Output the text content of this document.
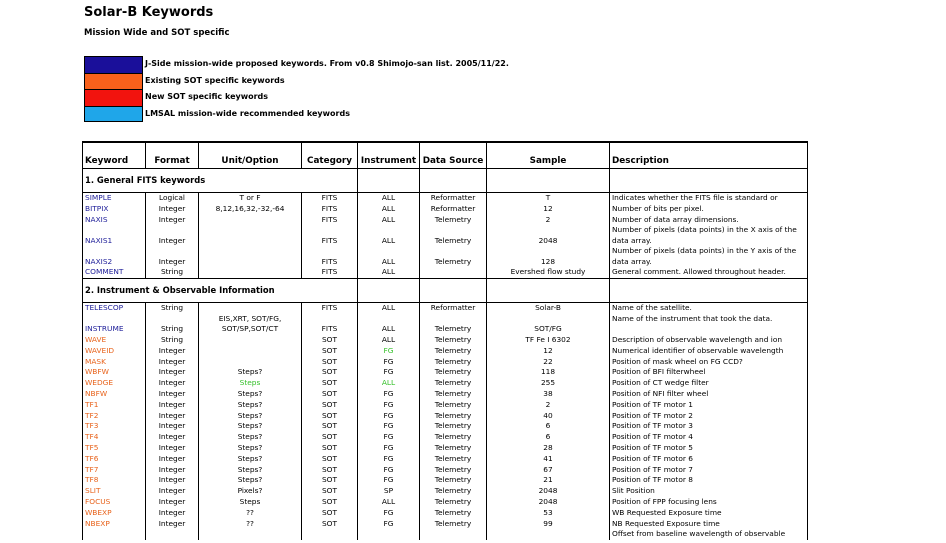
Solar-B Keywords
Mission Wide and SOT specific
J-Side mission-wide proposed keywords. From v0.8 Shimojo-san list. 2005/11/22.
Existing SOT specific keywords
New SOT specific keywords
LMSAL mission-wide recommended keywords
Keyword	Format	Unit/Option	Category	Instrument	Data Source	Sample	Description
1. General FITS keywords							
SIMPLE	Logical	T or F	FITS	ALL	Reformatter	T	Indicates whether the FITS file is standard or
BITPIX	Integer	8,12,16,32,-32,-64	FITS	ALL	Reformatter	12	Number of bits per pixel.
NAXIS	Integer		FITS	ALL	Telemetry	2	Number of data array dimensions.
NAXIS1	Integer		FITS	ALL	Telemetry	2048	Number of pixels (data points) in the X axis of the data array.
NAXIS2	Integer		FITS	ALL	Telemetry	128	Number of pixels (data points) in the Y axis of the data array.
COMMENT	String		FITS	ALL		Evershed flow study	General comment. Allowed throughout header.
2. Instrument & Observable Information							
TELESCOP	String		FITS	ALL	Reformatter	Solar-B	Name of the satellite.
INSTRUME	String	EIS,XRT, SOT/FG, SOT/SP,SOT/CT	FITS	ALL	Telemetry	SOT/FG	Name of the instrument that took the data.
WAVE	String		SOT	ALL	Telemetry	TF Fe I 6302	Description of observable wavelength and ion
WAVEID	Integer		SOT	FG	Telemetry	12	Numerical identifier of observable wavelength
MASK	Integer		SOT	FG	Telemetry	22	Position of mask wheel on FG CCD?
WBFW	Integer	Steps?	SOT	FG	Telemetry	118	Position of BFI filterwheel
WEDGE	Integer	Steps	SOT	ALL	Telemetry	255	Position of CT wedge filter
NBFW	Integer	Steps?	SOT	FG	Telemetry	38	Position of NFI filter wheel
TF1	Integer	Steps?	SOT	FG	Telemetry	2	Position of TF motor 1
TF2	Integer	Steps?	SOT	FG	Telemetry	40	Position of TF motor 2
TF3	Integer	Steps?	SOT	FG	Telemetry	6	Position of TF motor 3
TF4	Integer	Steps?	SOT	FG	Telemetry	6	Position of TF motor 4
TF5	Integer	Steps?	SOT	FG	Telemetry	28	Position of TF motor 5
TF6	Integer	Steps?	SOT	FG	Telemetry	41	Position of TF motor 6
TF7	Integer	Steps?	SOT	FG	Telemetry	67	Position of TF motor 7
TF8	Integer	Steps?	SOT	FG	Telemetry	21	Position of TF motor 8
SLIT	Integer	Pixels?	SOT	SP	Telemetry	2048	Slit Position
FOCUS	Integer	Steps	SOT	ALL	Telemetry	2048	Position of FPP focusing lens
WBEXP	Integer	??	SOT	FG	Telemetry	53	WB Requested Exposure time
NBEXP	Integer	??	SOT	FG	Telemetry	99	NB Requested Exposure time
							Offset from baseline wavelength of observable
